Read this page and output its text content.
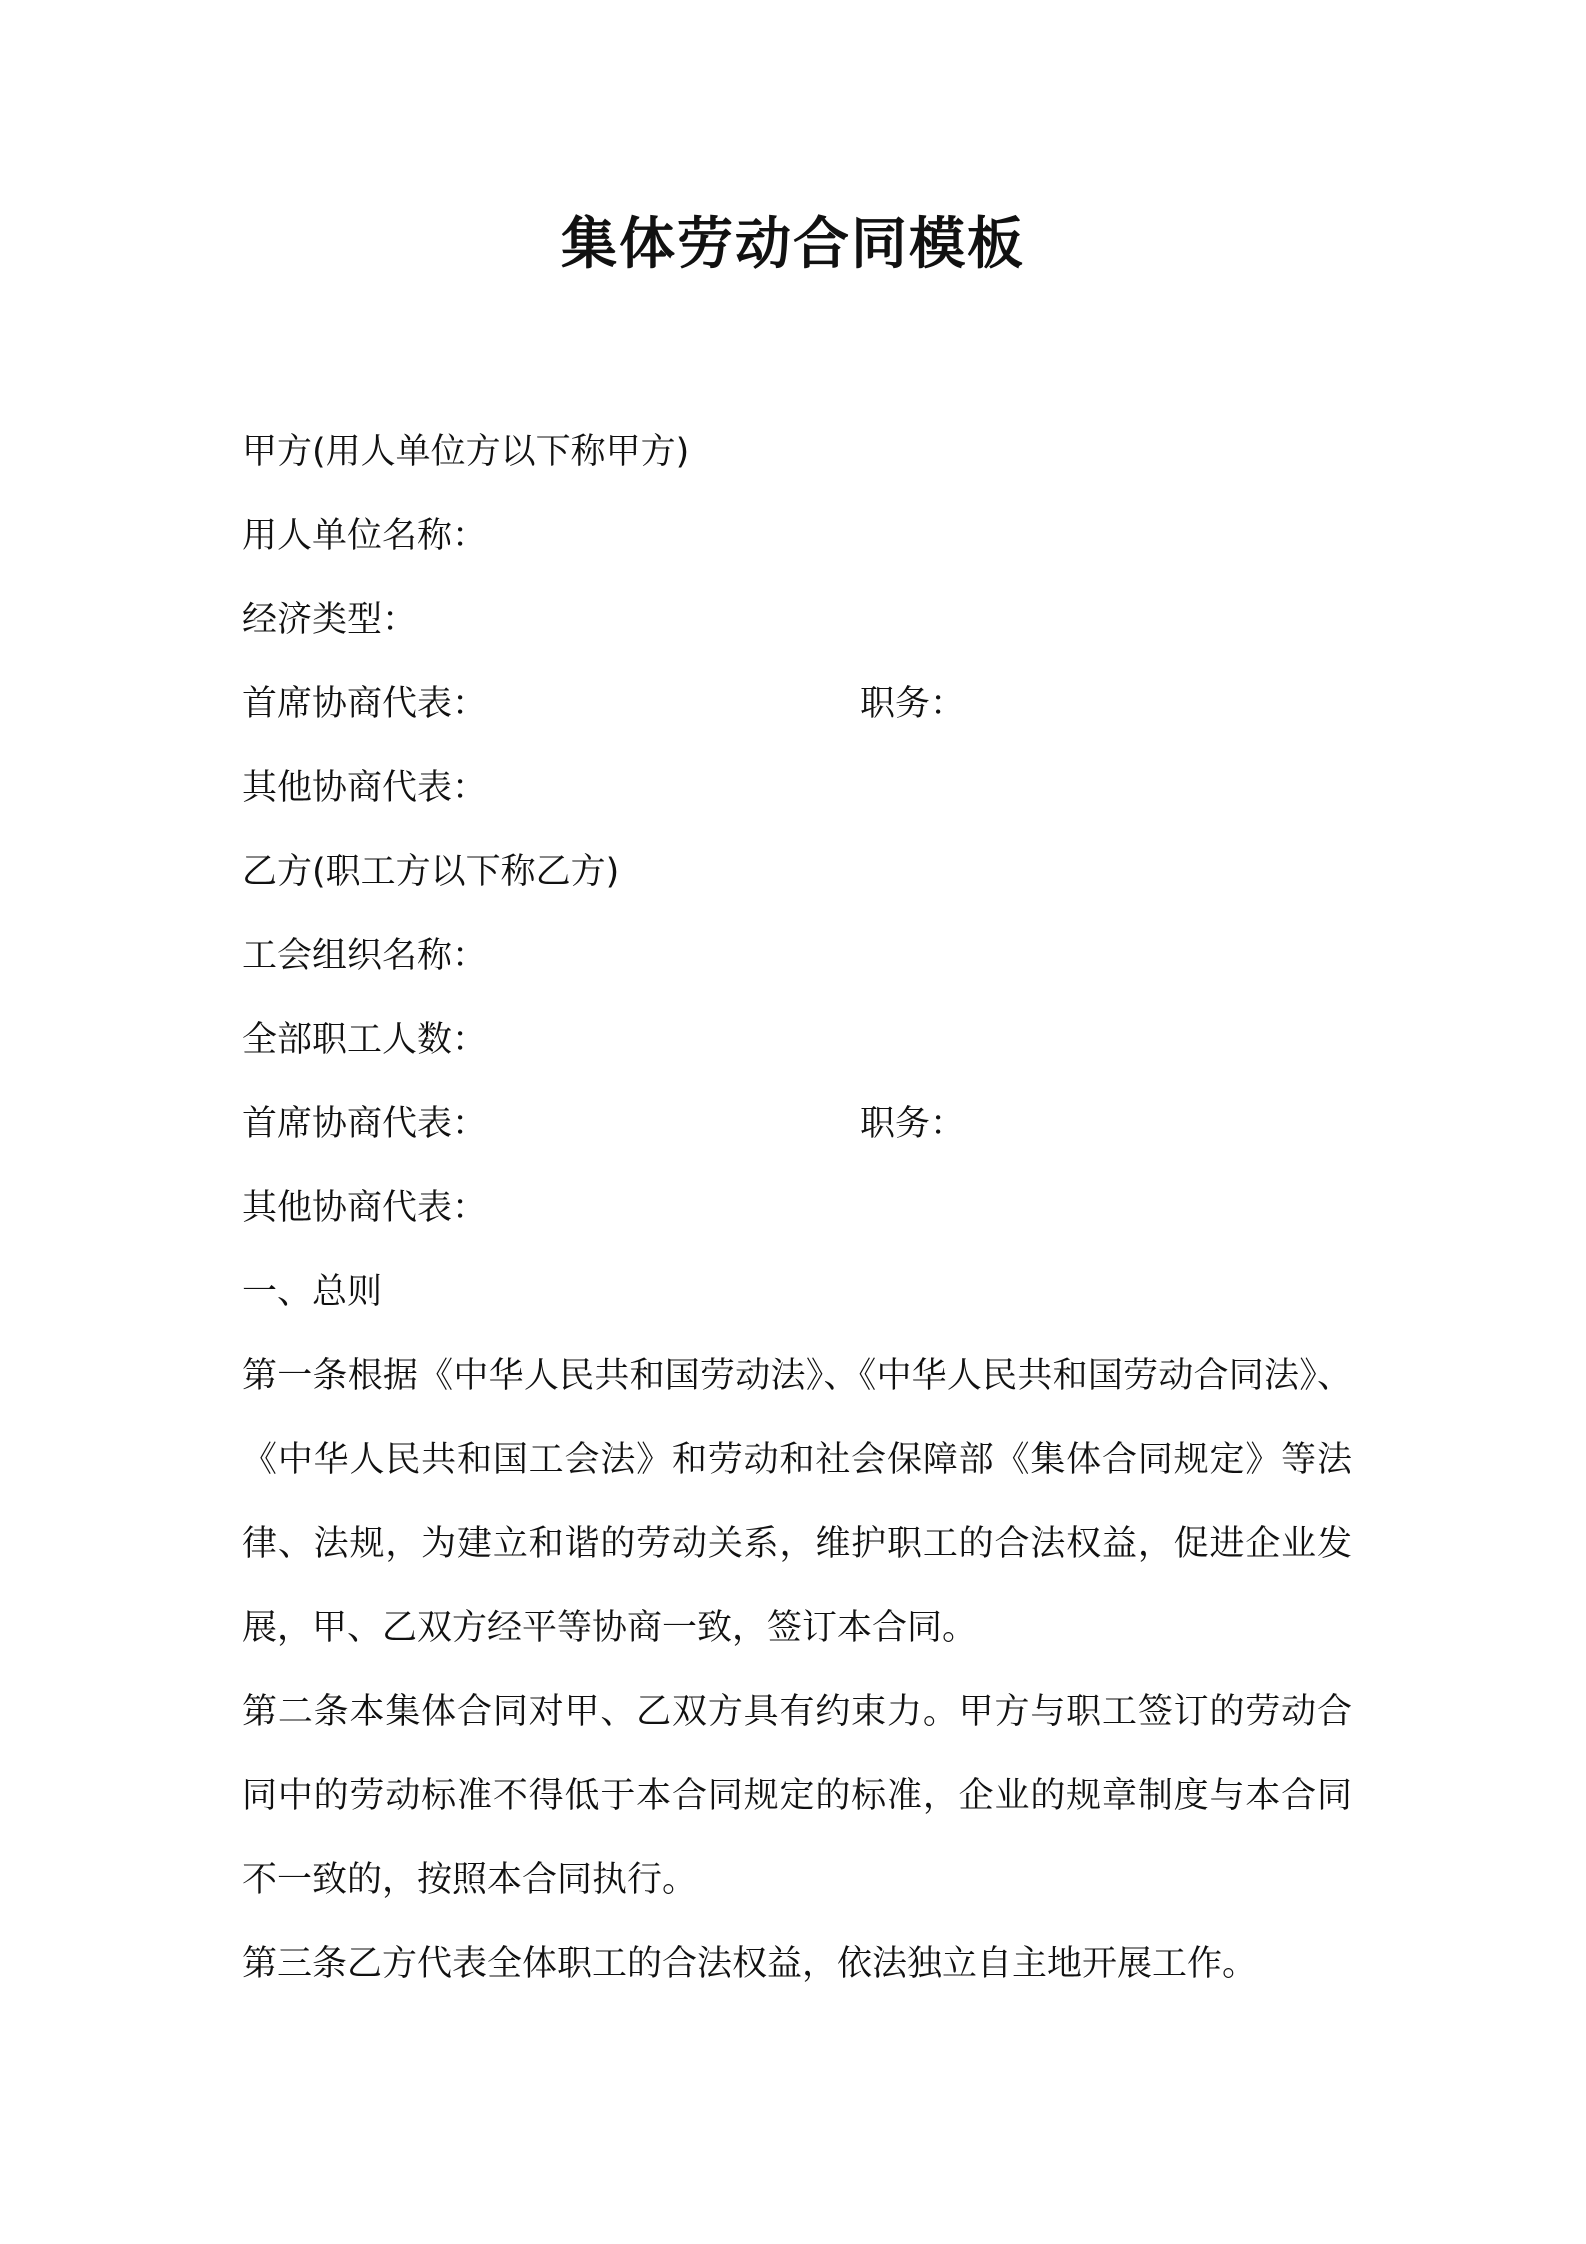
集体劳动合同模板
甲方(用人单位方以下称甲方)
用人单位名称：
经济类型：
首席协商代表：	职务：
其他协商代表：
乙方(职工方以下称乙方)
工会组织名称：
全部职工人数：
首席协商代表：	职务：
其他协商代表：
一、总则

第一条根据《中华人民共和国劳动法》、《中华人民共和国劳动合同法》、《中华人民共和国工会法》和劳动和社会保障部《集体合同规定》等法律、法规，为建立和谐的劳动关系，维护职工的合法权益，促进企业发展，甲、乙双方经平等协商一致，签订本合同。

第二条本集体合同对甲、乙双方具有约束力。甲方与职工签订的劳动合同中的劳动标准不得低于本合同规定的标准，企业的规章制度与本合同不一致的，按照本合同执行。

第三条乙方代表全体职工的合法权益，依法独立自主地开展工作。
